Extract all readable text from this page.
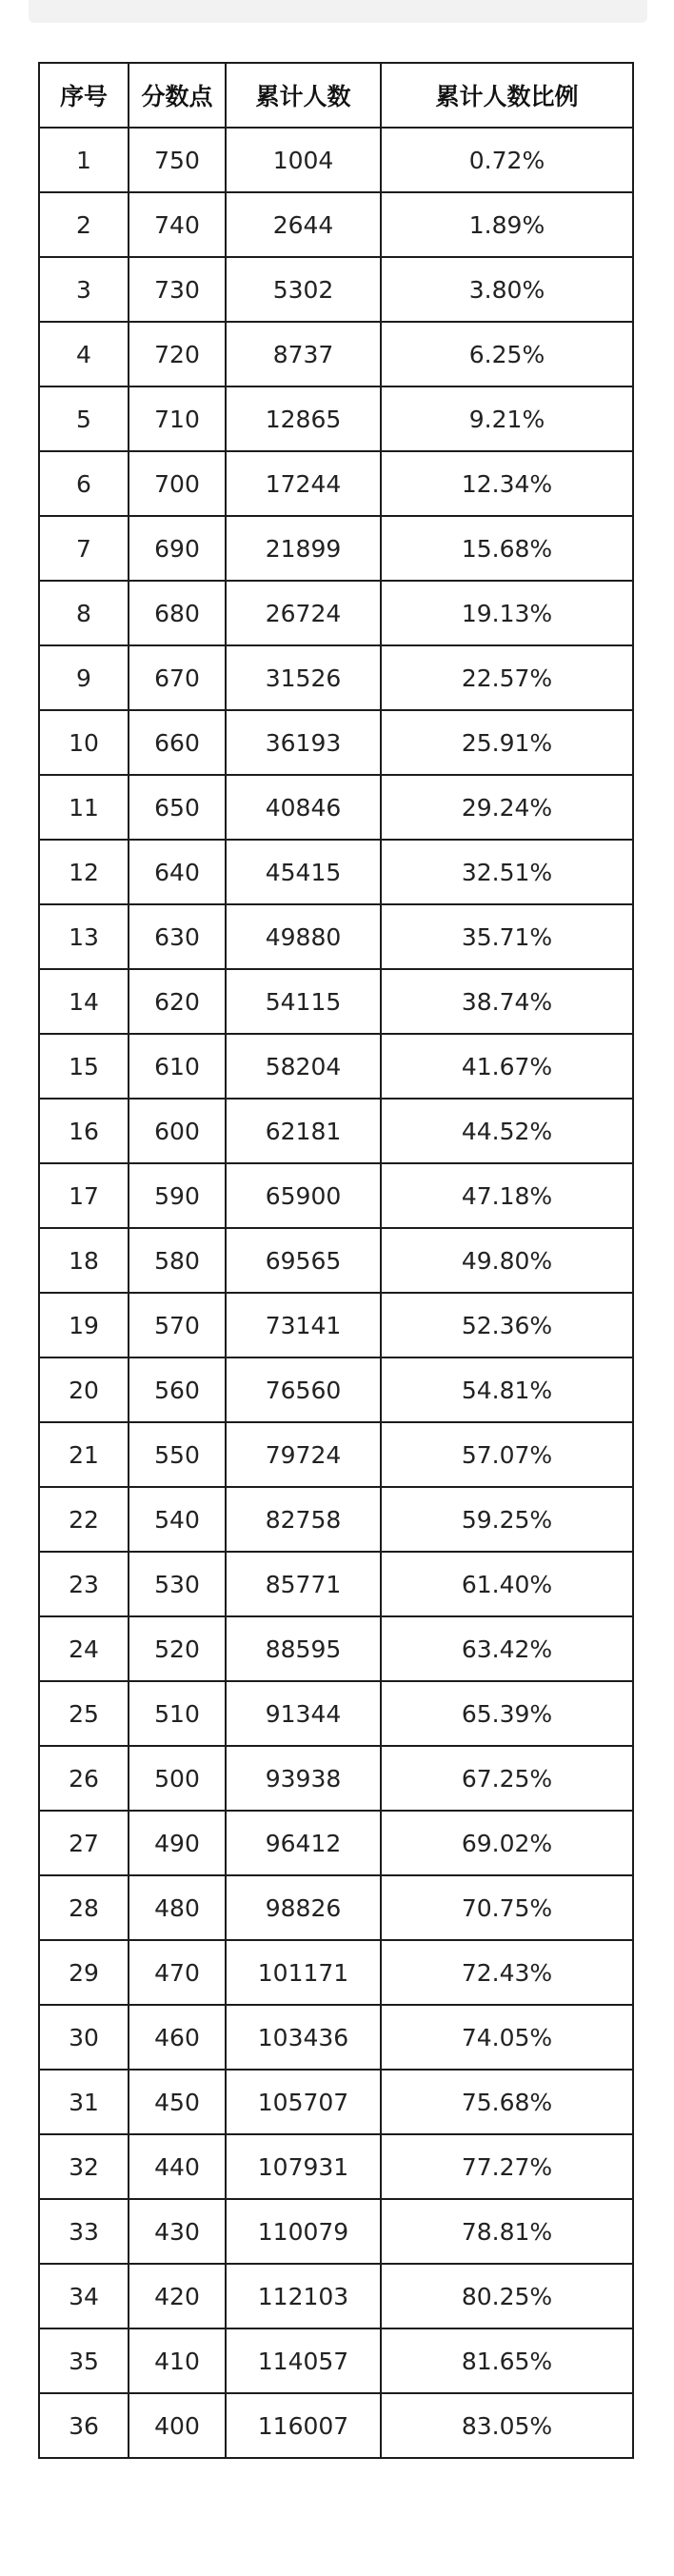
序号	分数点	累计人数	累计人数比例
1	750	1004	0.72%
2	740	2644	1.89%
3	730	5302	3.80%
4	720	8737	6.25%
5	710	12865	9.21%
6	700	17244	12.34%
7	690	21899	15.68%
8	680	26724	19.13%
9	670	31526	22.57%
10	660	36193	25.91%
11	650	40846	29.24%
12	640	45415	32.51%
13	630	49880	35.71%
14	620	54115	38.74%
15	610	58204	41.67%
16	600	62181	44.52%
17	590	65900	47.18%
18	580	69565	49.80%
19	570	73141	52.36%
20	560	76560	54.81%
21	550	79724	57.07%
22	540	82758	59.25%
23	530	85771	61.40%
24	520	88595	63.42%
25	510	91344	65.39%
26	500	93938	67.25%
27	490	96412	69.02%
28	480	98826	70.75%
29	470	101171	72.43%
30	460	103436	74.05%
31	450	105707	75.68%
32	440	107931	77.27%
33	430	110079	78.81%
34	420	112103	80.25%
35	410	114057	81.65%
36	400	116007	83.05%
